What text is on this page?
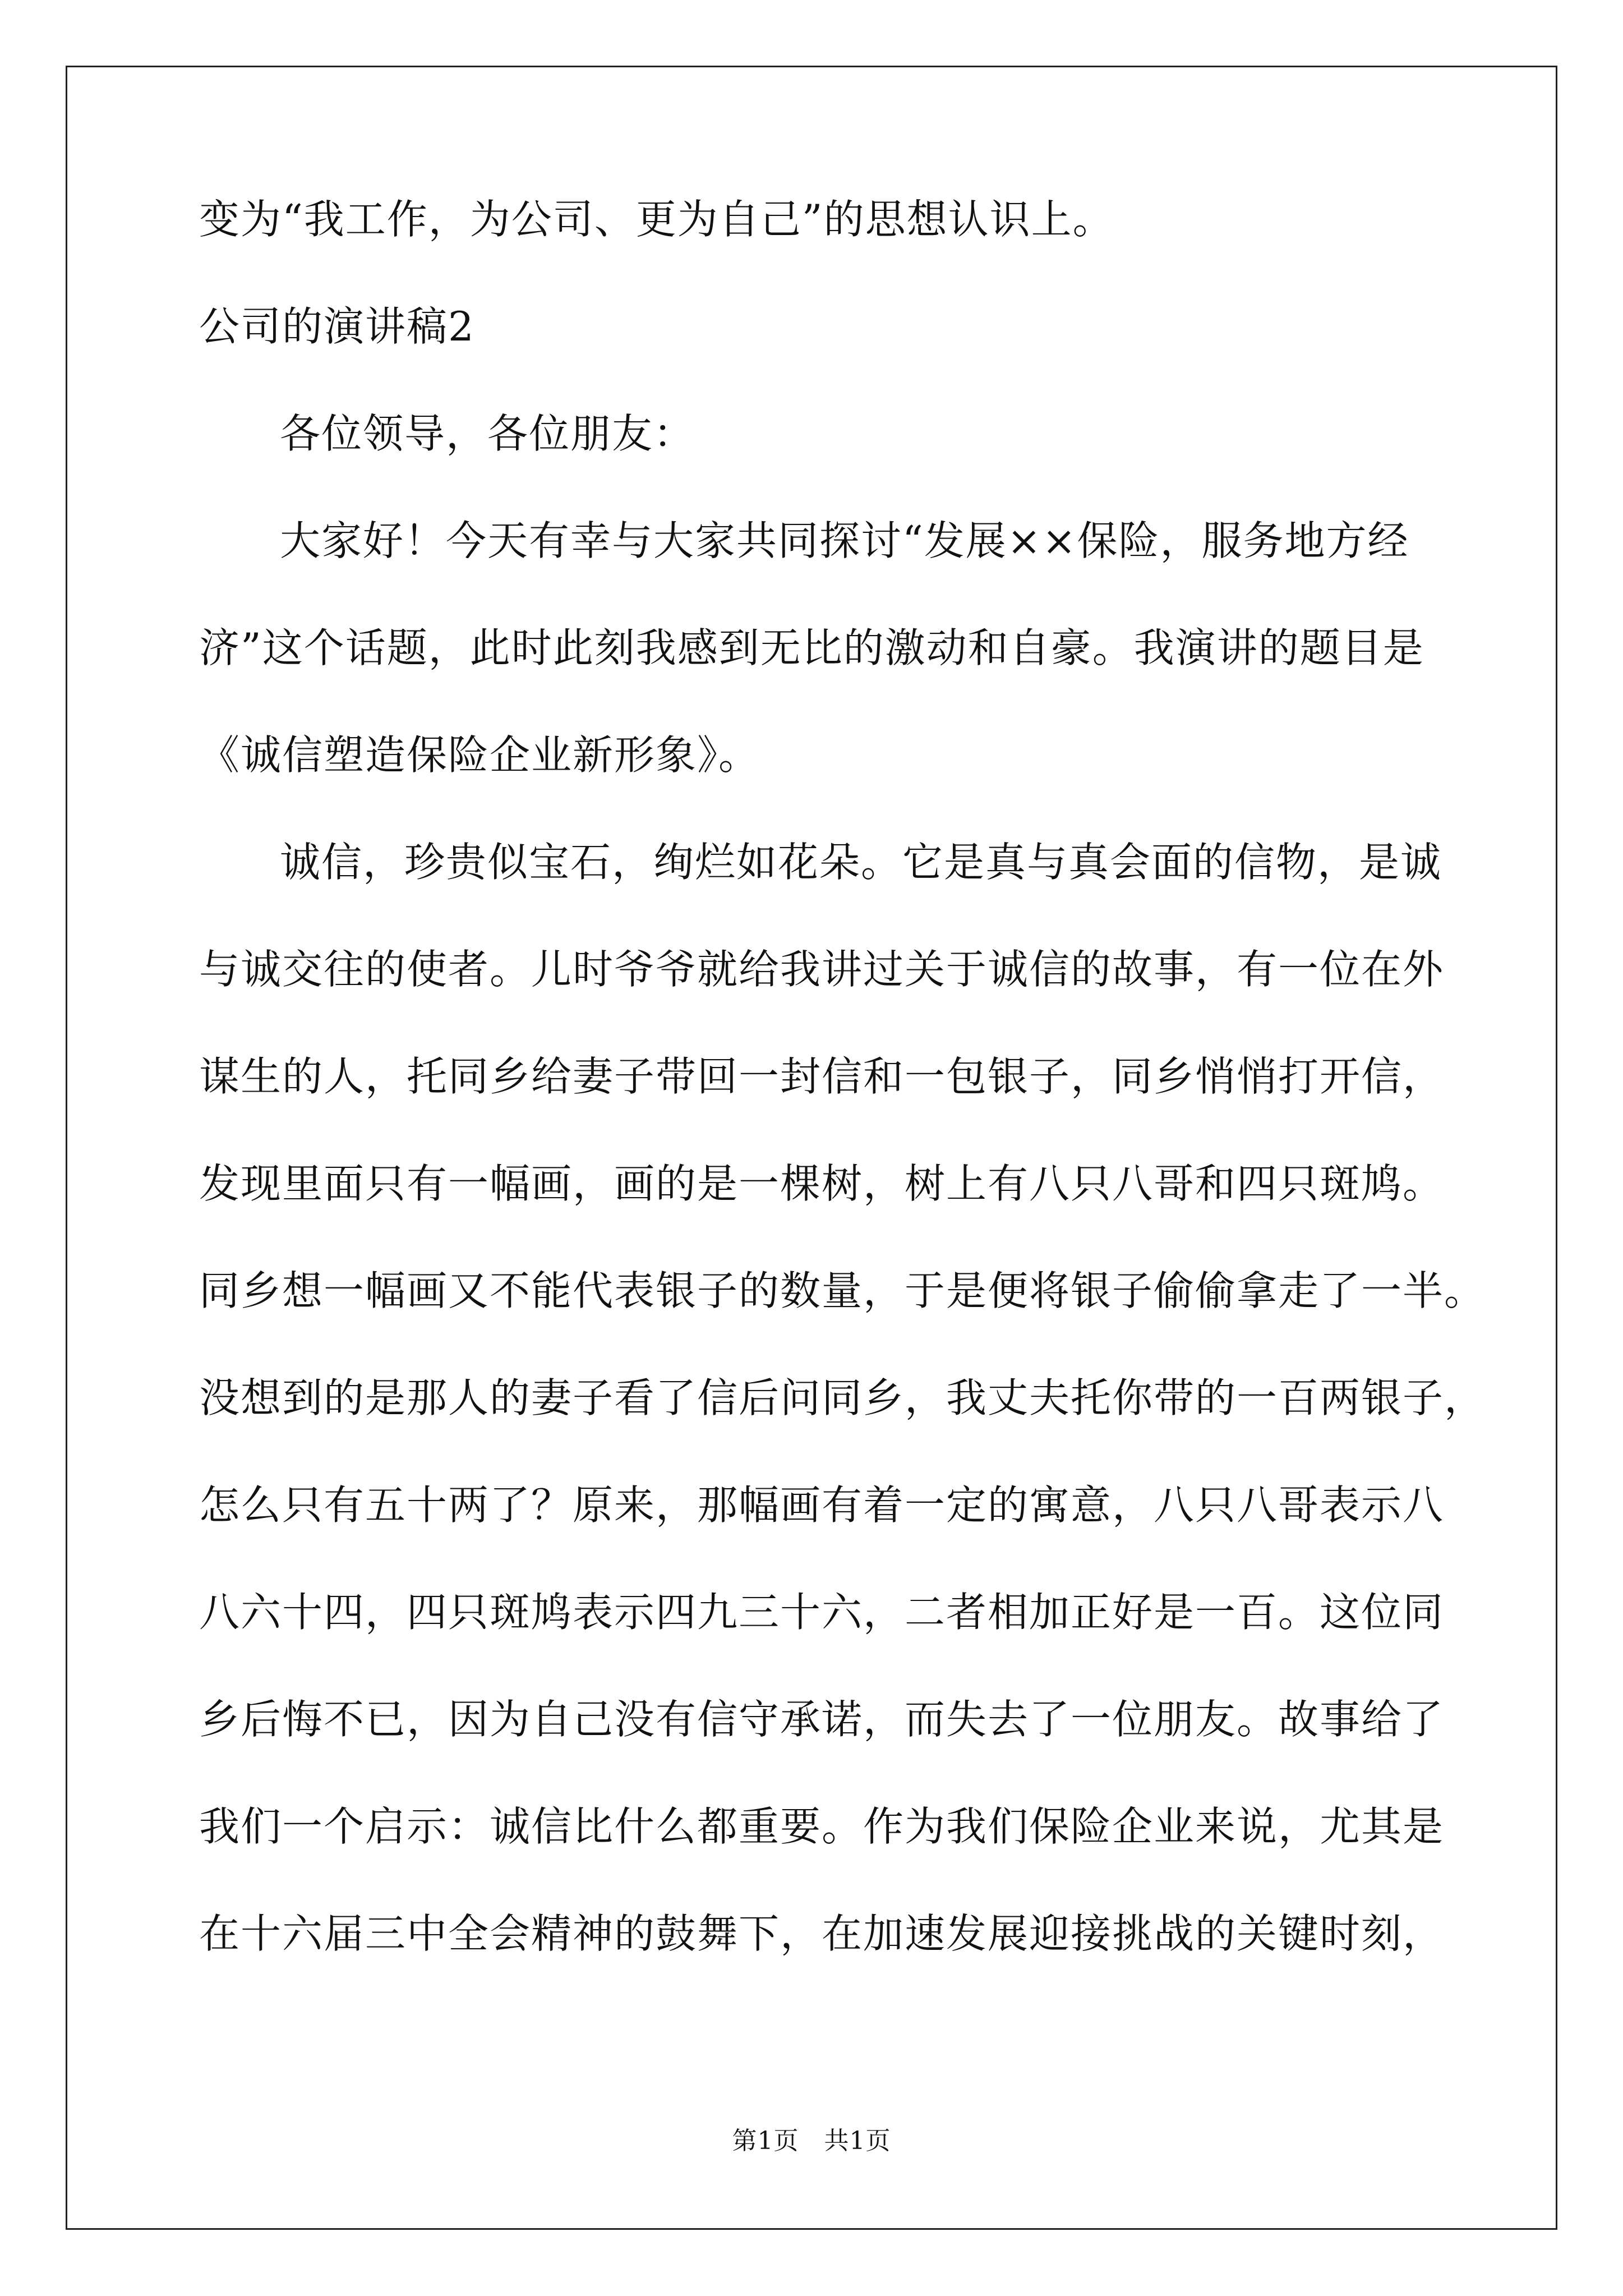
变为“我工作，为公司、更为自己”的思想认识上。
公司的演讲稿2
各位领导，各位朋友：
大家好！今天有幸与大家共同探讨“发展××保险，服务地方经
济”这个话题，此时此刻我感到无比的激动和自豪。我演讲的题目是
《诚信塑造保险企业新形象》。
诚信，珍贵似宝石，绚烂如花朵。它是真与真会面的信物，是诚
与诚交往的使者。儿时爷爷就给我讲过关于诚信的故事，有一位在外
谋生的人，托同乡给妻子带回一封信和一包银子，同乡悄悄打开信，
发现里面只有一幅画，画的是一棵树，树上有八只八哥和四只斑鸠。
同乡想一幅画又不能代表银子的数量，于是便将银子偷偷拿走了一半。
没想到的是那人的妻子看了信后问同乡，我丈夫托你带的一百两银子，
怎么只有五十两了？原来，那幅画有着一定的寓意，八只八哥表示八
八六十四，四只斑鸠表示四九三十六，二者相加正好是一百。这位同
乡后悔不已，因为自己没有信守承诺，而失去了一位朋友。故事给了
我们一个启示：诚信比什么都重要。作为我们保险企业来说，尤其是
在十六届三中全会精神的鼓舞下，在加速发展迎接挑战的关键时刻，
第1页　共1页
